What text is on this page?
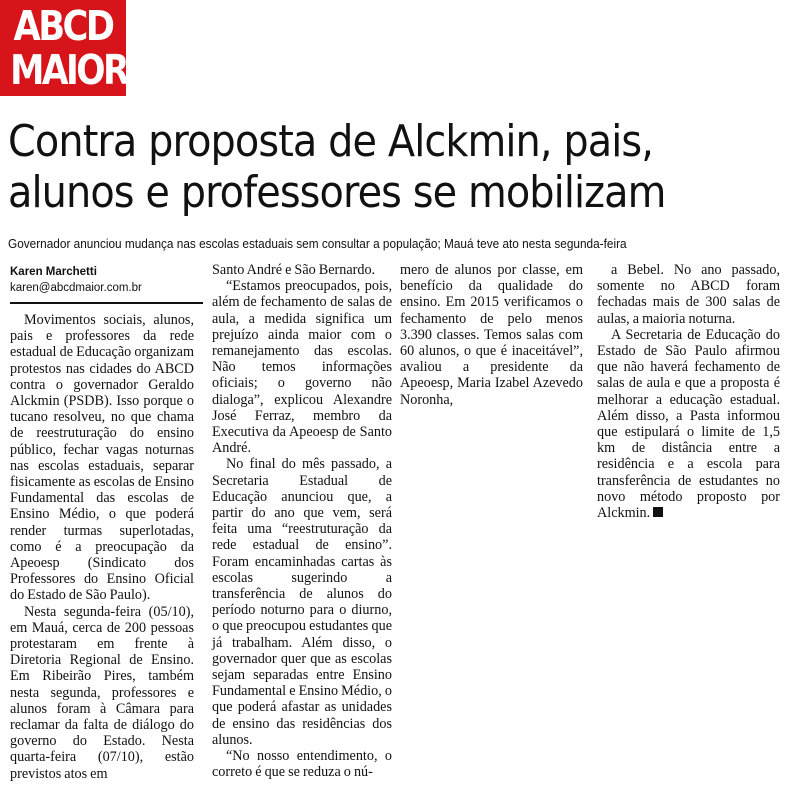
ABCD
MAIOR
Contra proposta de Alckmin, pais,
alunos e professores se mobilizam

Governador anunciou mudança nas escolas estaduais sem consultar a população; Mauá teve ato nesta segunda-feira

Karen Marchetti
karen@abcdmaior.com.br

Movimentos sociais, alunos, pais e professores da rede estadual de Educação organizam protestos nas cidades do ABCD contra o governador Geraldo Alckmin (PSDB). Isso porque o tucano resolveu, no que chama de reestruturação do ensino público, fechar vagas noturnas nas escolas estaduais, separar fisicamente as escolas de Ensino Fundamental das escolas de Ensino Médio, o que poderá render turmas superlotadas, como é a preocupação da Apeoesp (Sindicato dos Professores do Ensino Oficial do Estado de São Paulo).

Nesta segunda-feira (05/10), em Mauá, cerca de 200 pessoas protestaram em frente à Diretoria Regional de Ensino. Em Ribeirão Pires, também nesta segunda, professores e alunos foram à Câmara para reclamar da falta de diálogo do governo do Estado. Nesta quarta-feira (07/10), estão previstos atos em

Santo André e São Bernardo.

“Estamos preocupados, pois, além de fechamento de salas de aula, a medida significa um prejuízo ainda maior com o remanejamento das escolas. Não temos informações oficiais; o governo não dialoga”, explicou Alexandre José Ferraz, membro da Executiva da Apeoesp de Santo André.

No final do mês passado, a Secretaria Estadual de Educação anunciou que, a partir do ano que vem, será feita uma “reestruturação da rede estadual de ensino”. Foram encaminhadas cartas às escolas sugerindo a transferência de alunos do período noturno para o diurno, o que preocupou estudantes que já trabalham. Além disso, o governador quer que as escolas sejam separadas entre Ensino Fundamental e Ensino Médio, o que poderá afastar as unidades de ensino das residências dos alunos.

“No nosso entendimento, o correto é que se reduza o nú-

mero de alunos por classe, em benefício da qualidade do ensino. Em 2015 verificamos o fechamento de pelo menos 3.390 classes. Temos salas com 60 alunos, o que é inaceitável”, avaliou a presidente da Apeoesp, Maria Izabel Azevedo Noronha,

a Bebel. No ano passado, somente no ABCD foram fechadas mais de 300 salas de aulas, a maioria noturna.

A Secretaria de Educação do Estado de São Paulo afirmou que não haverá fechamento de salas de aula e que a proposta é melhorar a educação estadual. Além disso, a Pasta informou que estipulará o limite de 1,5 km de distância entre a residência e a escola para transferência de estudantes no novo método proposto por Alckmin.
